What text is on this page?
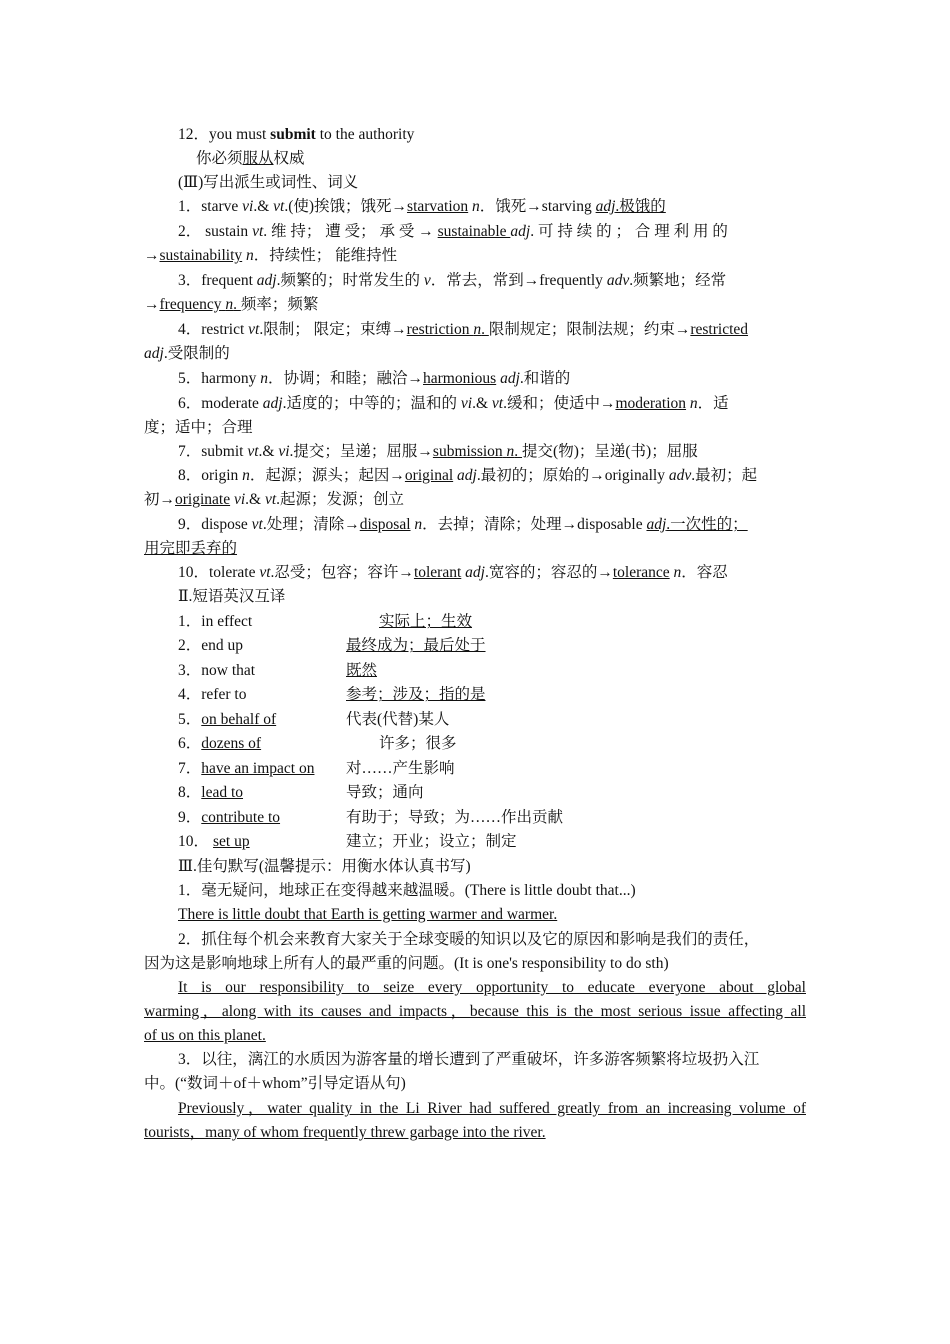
12．you must submit to the authority
你必须服从权威
(Ⅲ)写出派生或词性、词义
1．starve vi.& vt.(使)挨饿；饿死→starvation n．饿死→starving adj.极饿的
2． sustain vt. 维 持； 遭 受； 承 受 → sustainable adj. 可 持 续 的 ； 合 理 利 用 的
→sustainability n．持续性； 能维持性
3．frequent adj.频繁的；时常发生的 v．常去，常到→frequently adv.频繁地；经常
→frequency n. 频率；频繁
4．restrict vt.限制； 限定；束缚→restriction n. 限制规定；限制法规；约束→restricted
adj.受限制的
5．harmony n．协调；和睦；融洽→harmonious adj.和谐的
6．moderate adj.适度的；中等的；温和的 vi.& vt.缓和；使适中→moderation n．适
度；适中；合理
7．submit vt.& vi.提交；呈递；屈服→submission n. 提交(物)；呈递(书)；屈服
8．origin n．起源；源头；起因→original adj.最初的；原始的→originally adv.最初；起
初→originate vi.& vt.起源；发源；创立
9．dispose vt.处理；清除→disposal n．去掉；清除；处理→disposable adj.一次性的；
用完即丢弃的
10．tolerate vt.忍受；包容；容许→tolerant adj.宽容的；容忍的→tolerance n．容忍
Ⅱ.短语英汉互译
1．in effect	实际上；生效
2．end up	最终成为；最后处于
3．now that	既然
4．refer to	参考；涉及；指的是
5．on behalf of	代表(代替)某人
6．dozens of	许多；很多
7．have an impact on 对……产生影响
8．lead to	导致；通向
9．contribute to	有助于；导致；为……作出贡献
10． set up	建立；开业；设立；制定
Ⅲ.佳句默写(温馨提示：用衡水体认真书写)
1．毫无疑问，地球正在变得越来越温暖。(There is little doubt that...)
There is little doubt that Earth is getting warmer and warmer.
2．抓住每个机会来教育大家关于全球变暖的知识以及它的原因和影响是我们的责任，
因为这是影响地球上所有人的最严重的问题。(It is one's responsibility to do sth)
It is our responsibility to seize every opportunity to educate everyone about global
warming，along with its causes and impacts，because this is the most serious issue affecting all
of us on this planet.
3．以往，漓江的水质因为游客量的增长遭到了严重破坏，许多游客频繁将垃圾扔入江
中。(“数词＋of＋whom”引导定语从句)
Previously，water quality in the Li River had suffered greatly from an increasing volume of
tourists，many of whom frequently threw garbage into the river.
